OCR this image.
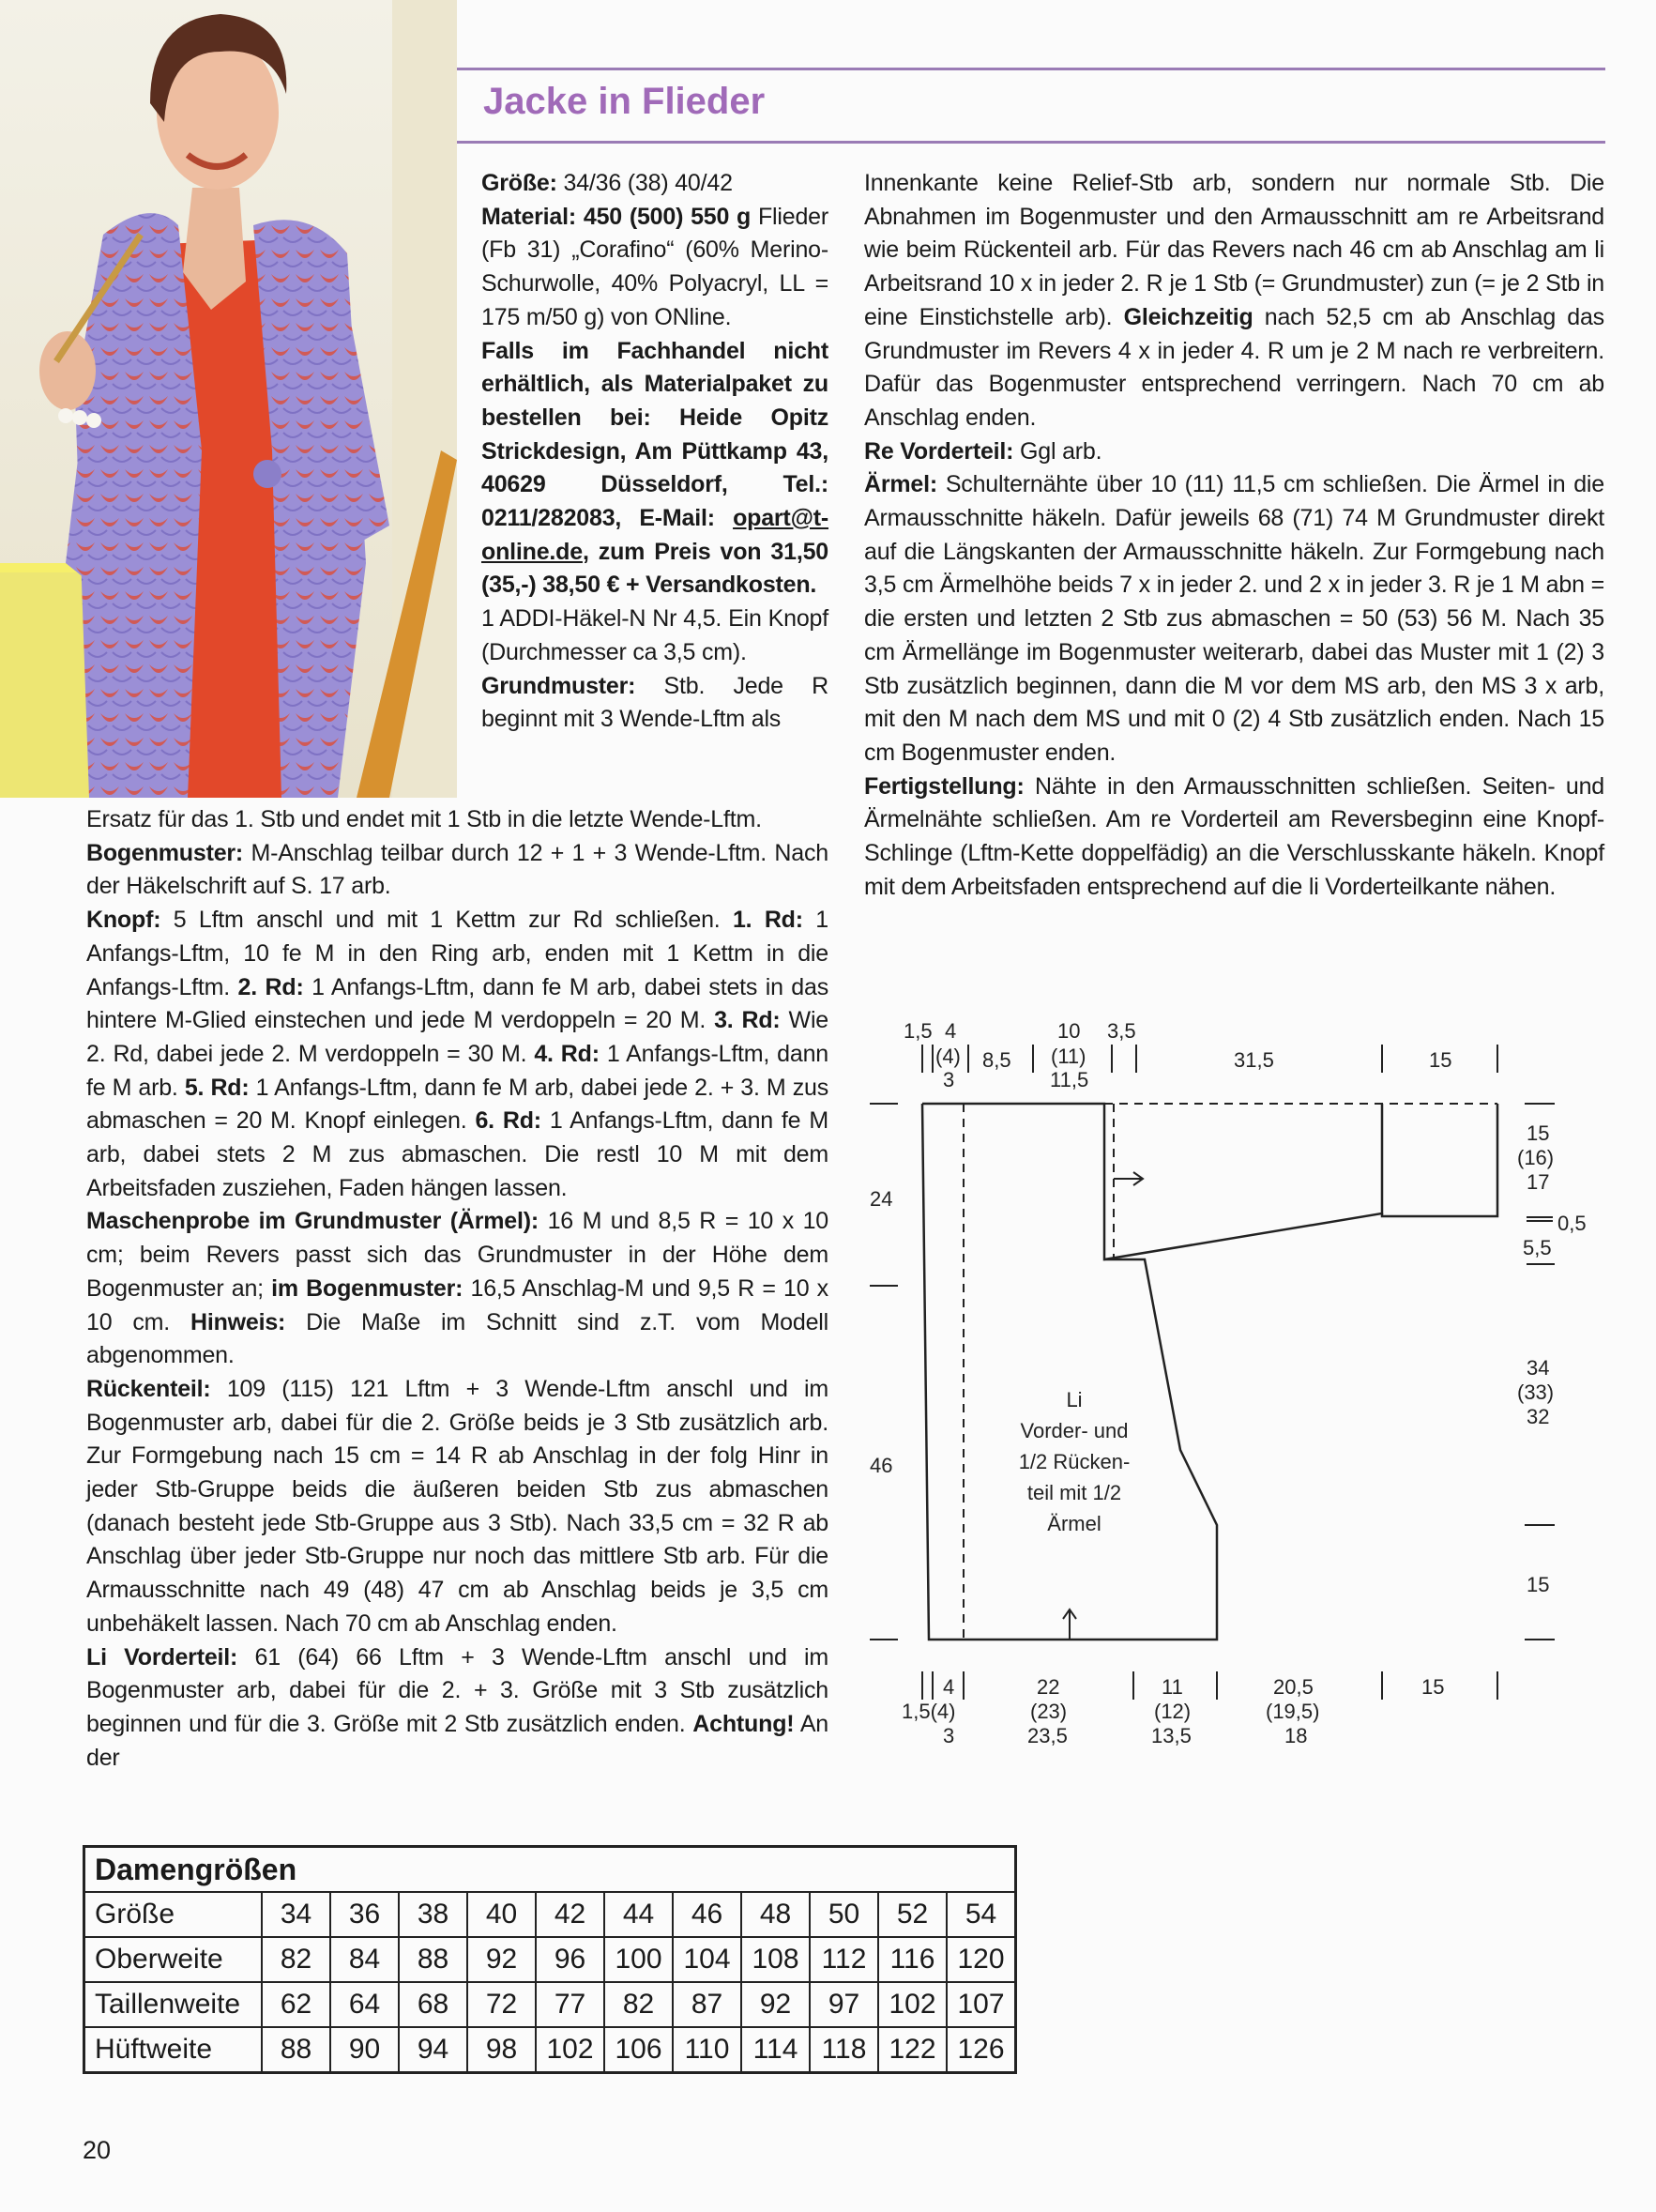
Jacke in Flieder

Größe: 34/36 (38) 40/42

Material: 450 (500) 550 g Flieder (Fb 31) „Corafino“ (60% Merino-Schurwolle, 40% Polyacryl, LL = 175 m/50 g) von ONline.

Falls im Fachhandel nicht erhältlich, als Materialpaket zu bestellen bei: Heide Opitz Strickdesign, Am Püttkamp 43, 40629 Düsseldorf, Tel.: 0211/282083, E-Mail: opart@t-online.de, zum Preis von 31,50 (35,-) 38,50 € + Versandkosten.

1 ADDI-Häkel-N Nr 4,5. Ein Knopf (Durchmesser ca 3,5 cm).

Grundmuster: Stb. Jede R beginnt mit 3 Wende-Lftm als

Ersatz für das 1. Stb und endet mit 1 Stb in die letzte Wende-Lftm.

Bogenmuster: M-Anschlag teilbar durch 12 + 1 + 3 Wende-Lftm. Nach der Häkelschrift auf S. 17 arb.

Knopf: 5 Lftm anschl und mit 1 Kettm zur Rd schließen. 1. Rd: 1 Anfangs-Lftm, 10 fe M in den Ring arb, enden mit 1 Kettm in die Anfangs-Lftm. 2. Rd: 1 Anfangs-Lftm, dann fe M arb, dabei stets in das hintere M-Glied einstechen und jede M verdoppeln = 20 M. 3. Rd: Wie 2. Rd, dabei jede 2. M verdoppeln = 30 M. 4. Rd: 1 Anfangs-Lftm, dann fe M arb. 5. Rd: 1 Anfangs-Lftm, dann fe M arb, dabei jede 2. + 3. M zus abmaschen = 20 M. Knopf einlegen. 6. Rd: 1 Anfangs-Lftm, dann fe M arb, dabei stets 2 M zus abmaschen. Die restl 10 M mit dem Arbeitsfaden zusziehen, Faden hängen lassen.

Maschenprobe im Grundmuster (Ärmel): 16 M und 8,5 R = 10 x 10 cm; beim Revers passt sich das Grundmuster in der Höhe dem Bogenmuster an; im Bogenmuster: 16,5 Anschlag-M und 9,5 R = 10 x 10 cm. Hinweis: Die Maße im Schnitt sind z.T. vom Modell abgenommen.

Rückenteil: 109 (115) 121 Lftm + 3 Wende-Lftm anschl und im Bogenmuster arb, dabei für die 2. Größe beids je 3 Stb zusätzlich arb. Zur Formgebung nach 15 cm = 14 R ab Anschlag in der folg Hinr in jeder Stb-Gruppe beids die äußeren beiden Stb zus abmaschen (danach besteht jede Stb-Gruppe aus 3 Stb). Nach 33,5 cm = 32 R ab Anschlag über jeder Stb-Gruppe nur noch das mittlere Stb arb. Für die Armausschnitte nach 49 (48) 47 cm ab Anschlag beids je 3,5 cm unbehäkelt lassen. Nach 70 cm ab Anschlag enden.

Li Vorderteil: 61 (64) 66 Lftm + 3 Wende-Lftm anschl und im Bogenmuster arb, dabei für die 2. + 3. Größe mit 3 Stb zusätzlich beginnen und für die 3. Größe mit 2 Stb zusätzlich enden. Achtung! An der

Innenkante keine Relief-Stb arb, sondern nur normale Stb. Die Abnahmen im Bogenmuster und den Armausschnitt am re Arbeitsrand wie beim Rückenteil arb. Für das Revers nach 46 cm ab Anschlag am li Arbeitsrand 10 x in jeder 2. R je 1 Stb (= Grundmuster) zun (= je 2 Stb in eine Einstichstelle arb). Gleichzeitig nach 52,5 cm ab Anschlag das Grundmuster im Revers 4 x in jeder 4. R um je 2 M nach re verbreitern. Dafür das Bogenmuster entsprechend verringern. Nach 70 cm ab Anschlag enden.

Re Vorderteil: Ggl arb.

Ärmel: Schulternähte über 10 (11) 11,5 cm schließen. Die Ärmel in die Armausschnitte häkeln. Dafür jeweils 68 (71) 74 M Grundmuster direkt auf die Längskanten der Armausschnitte häkeln. Zur Formgebung nach 3,5 cm Ärmelhöhe beids 7 x in jeder 2. und 2 x in jeder 3. R je 1 M abn = die ersten und letzten 2 Stb zus abmaschen = 50 (53) 56 M. Nach 35 cm Ärmellänge im Bogenmuster weiterarb, dabei das Muster mit 1 (2) 3 Stb zusätzlich beginnen, dann die M vor dem MS arb, den MS 3 x arb, mit den M nach dem MS und mit 0 (2) 4 Stb zusätzlich enden. Nach 15 cm Bogenmuster enden.

Fertigstellung: Nähte in den Armausschnitten schließen. Seiten- und Ärmelnähte schließen. Am re Vorderteil am Reversbeginn eine Knopf-Schlinge (Lftm-Kette doppelfädig) an die Verschlusskante häkeln. Knopf mit dem Arbeitsfaden entsprechend auf die li Vorderteilkante nähen.

1,5 4
(4)
3
8,5
10
(11)
11,5
3,5
31,5	15
24
46
15
(16)
17
0,5
5,5
34
(33)
32
15
Li
Vorder- und
1/2 Rücken-
teil mit 1/2
Ärmel
4
1,5(4)
3
22
(23)
23,5
11
(12)
13,5
20,5
(19,5)
18
15
Damengrößen											
Größe	34	36	38	40	42	44	46	48	50	52	54
Oberweite	82	84	88	92	96	100	104	108	112	116	120
Taillenweite	62	64	68	72	77	82	87	92	97	102	107
Hüftweite	88	90	94	98	102	106	110	114	118	122	126
20
